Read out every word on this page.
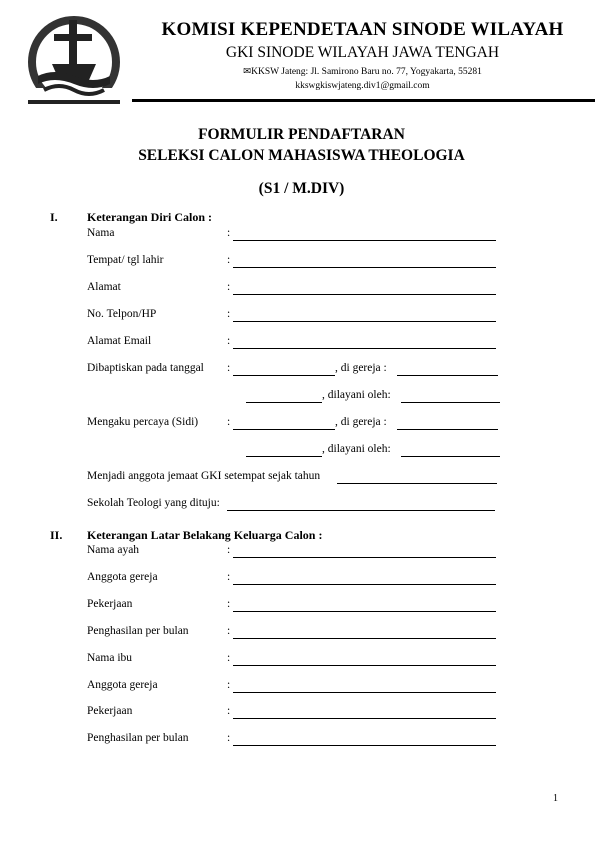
KOMISI KEPENDETAAN SINODE WILAYAH
GKI SINODE WILAYAH JAWA TENGAH
✉KKSW Jateng: Jl. Samirono Baru no. 77, Yogyakarta, 55281
kkswgkiswjateng.div1@gmail.com
FORMULIR PENDAFTARAN
SELEKSI CALON MAHASISWA THEOLOGIA
(S1 / M.DIV)
I. Keterangan Diri Calon :
Nama	:
Tempat/ tgl lahir	:
Alamat	:
No. Telpon/HP	:
Alamat Email	:
Dibaptiskan pada tanggal :	, di gereja :
, dilayani oleh:
Mengaku percaya (Sidi)	:	, di gereja :
, dilayani oleh:
Menjadi anggota jemaat GKI setempat sejak tahun
Sekolah Teologi yang dituju:
II. Keterangan Latar Belakang Keluarga Calon :
Nama ayah	:
Anggota gereja	:
Pekerjaan	:
Penghasilan per bulan	:
Nama ibu	:
Anggota gereja	:
Pekerjaan	:
Penghasilan per bulan	:
1
